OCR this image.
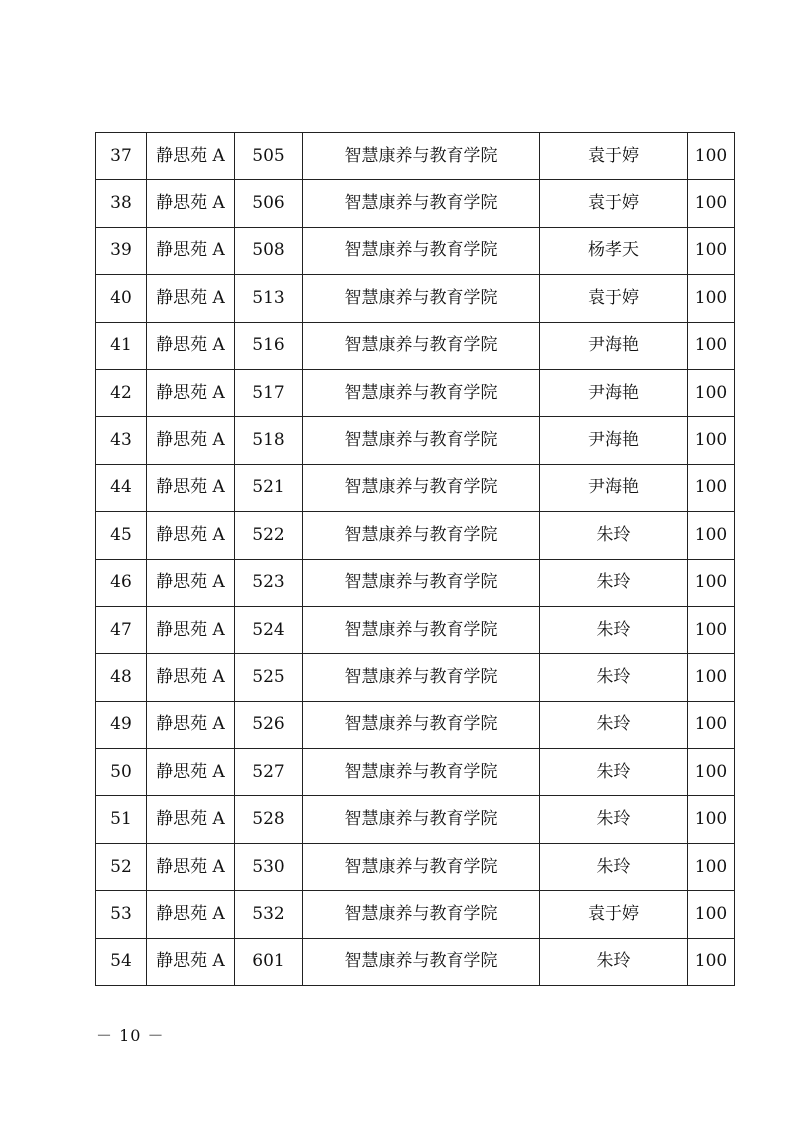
37	静思苑 A	505	智慧康养与教育学院	袁于婷	100
38	静思苑 A	506	智慧康养与教育学院	袁于婷	100
39	静思苑 A	508	智慧康养与教育学院	杨孝天	100
40	静思苑 A	513	智慧康养与教育学院	袁于婷	100
41	静思苑 A	516	智慧康养与教育学院	尹海艳	100
42	静思苑 A	517	智慧康养与教育学院	尹海艳	100
43	静思苑 A	518	智慧康养与教育学院	尹海艳	100
44	静思苑 A	521	智慧康养与教育学院	尹海艳	100
45	静思苑 A	522	智慧康养与教育学院	朱玲	100
46	静思苑 A	523	智慧康养与教育学院	朱玲	100
47	静思苑 A	524	智慧康养与教育学院	朱玲	100
48	静思苑 A	525	智慧康养与教育学院	朱玲	100
49	静思苑 A	526	智慧康养与教育学院	朱玲	100
50	静思苑 A	527	智慧康养与教育学院	朱玲	100
51	静思苑 A	528	智慧康养与教育学院	朱玲	100
52	静思苑 A	530	智慧康养与教育学院	朱玲	100
53	静思苑 A	532	智慧康养与教育学院	袁于婷	100
54	静思苑 A	601	智慧康养与教育学院	朱玲	100
－ 10 －
